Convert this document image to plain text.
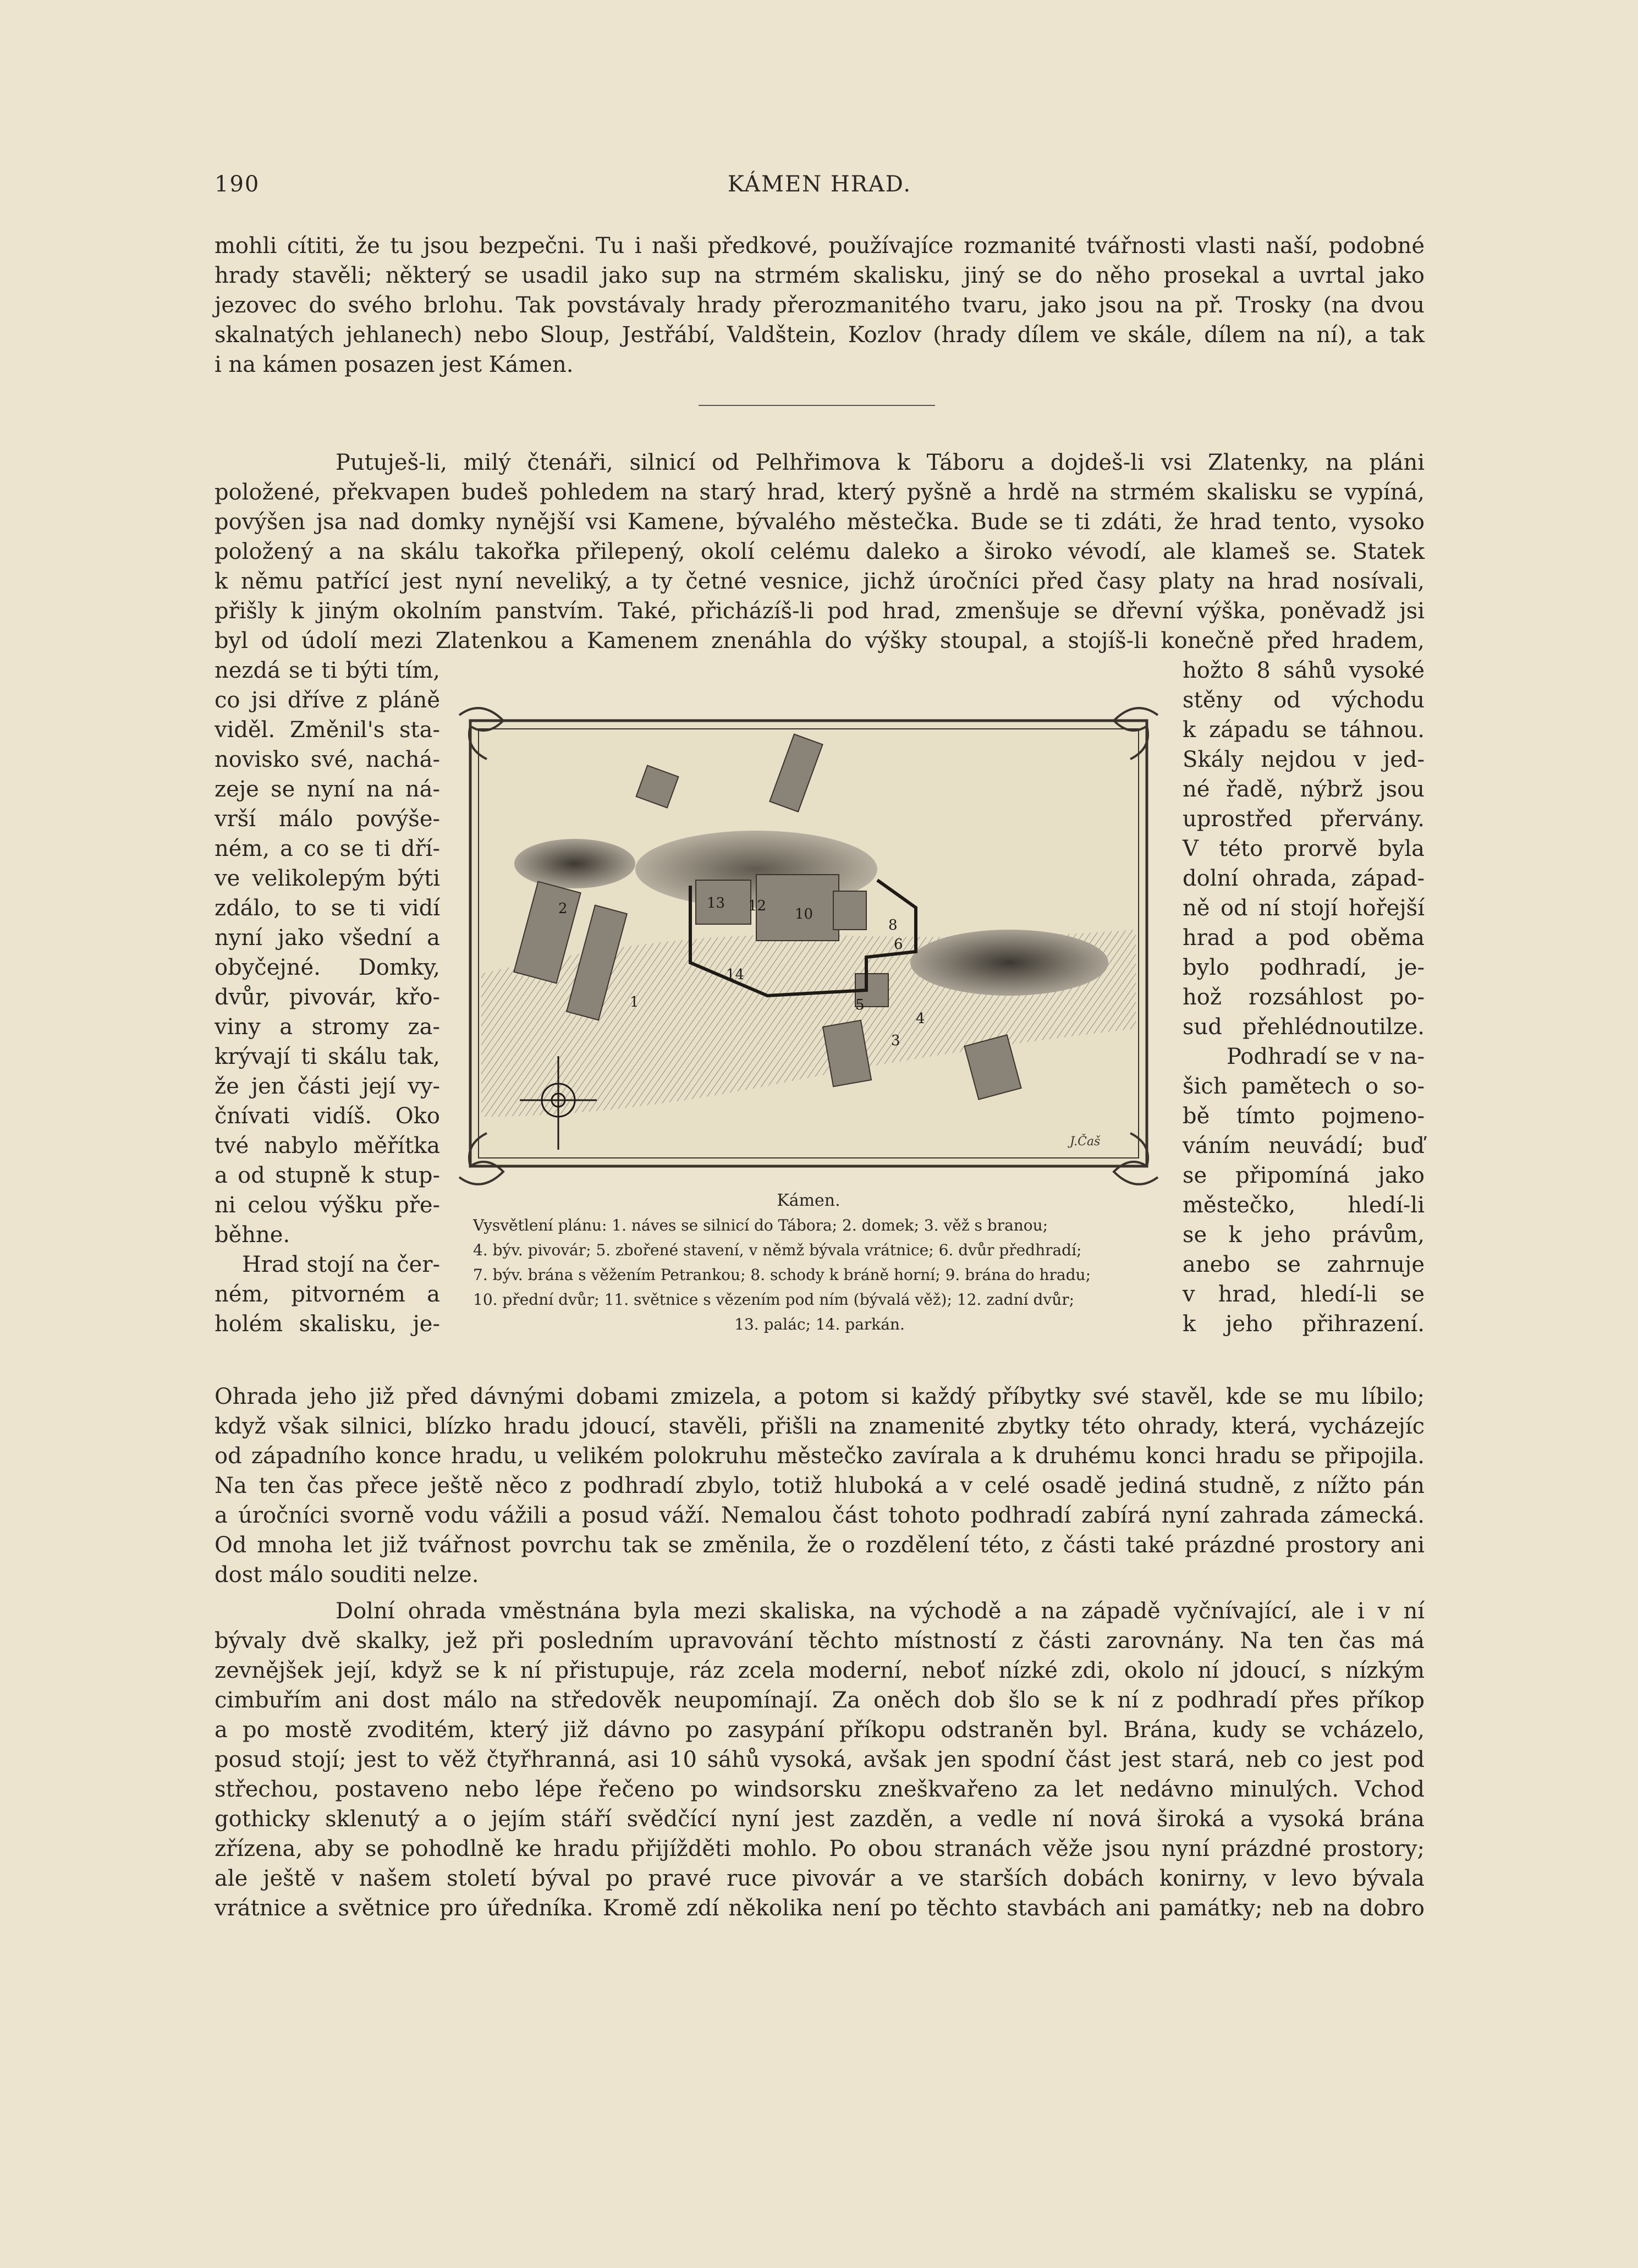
190	KÁMEN HRAD.
mohli cítiti, že tu jsou bezpečni. Tu i naši předkové, používajíce rozmanité tvářnosti vlasti naší, podobné
hrady stavěli; některý se usadil jako sup na strmém skalisku, jiný se do něho prosekal a uvrtal jako
jezovec do svého brlohu. Tak povstávaly hrady přerozmanitého tvaru, jako jsou na př. Trosky (na dvou
skalnatých jehlanech) nebo Sloup, Jestřábí, Valdštein, Kozlov (hrady dílem ve skále, dílem na ní), a tak
i na kámen posazen jest Kámen.
Putuješ-li, milý čtenáři, silnicí od Pelhřimova k Táboru a dojdeš-li vsi Zlatenky, na pláni
položené, překvapen budeš pohledem na starý hrad, který pyšně a hrdě na strmém skalisku se vypíná,
povýšen jsa nad domky nynější vsi Kamene, bývalého městečka. Bude se ti zdáti, že hrad tento, vysoko
položený a na skálu takořka přilepený, okolí celému daleko a široko vévodí, ale klameš se. Statek
k němu patřící jest nyní neveliký, a ty četné vesnice, jichž úročníci před časy platy na hrad nosívali,
přišly k jiným okolním panstvím. Také, přicházíš-li pod hrad, zmenšuje se dřevní výška, poněvadž jsi
byl od údolí mezi Zlatenkou a Kamenem znenáhla do výšky stoupal, a stojíš-li konečně před hradem,
nezdá se ti býti tím,
co jsi dříve z pláně
viděl. Změnil's sta-
novisko své, nachá-
zeje se nyní na ná-
vrší málo povýše-
ném, a co se ti dří-
ve velikolepým býti
zdálo, to se ti vidí
nyní jako všední a
obyčejné. Domky,
dvůr, pivovár, křo-
viny a stromy za-
krývají ti skálu tak,
že jen části její vy-
čnívati vidíš. Oko
tvé nabylo měřítka
a od stupně k stup-
ni celou výšku pře-
běhne.
Hrad stojí na čer-
ném, pitvorném a
holém skalisku, je-
hožto 8 sáhů vysoké
stěny od východu
k západu se táhnou.
Skály nejdou v jed-
né řadě, nýbrž jsou
uprostřed přervány.
V této prorvě byla
dolní ohrada, západ-
ně od ní stojí hořejší
hrad a pod oběma
bylo podhradí, je-
hož rozsáhlost po-
sud přehlédnoutilze.
Podhradí se v na-
šich pamětech o so-
bě tímto pojmeno-
váním neuvádí; buď
se připomíná jako
městečko, hledí-li
se k jeho právům,
anebo se zahrnuje
v hrad, hledí-li se
k jeho přihrazení.
13 12 10
8
6
5
4
3
14
2
1
J.Čaš
Kámen.
Vysvětlení plánu: 1. náves se silnicí do Tábora; 2. domek; 3. věž s branou;
4. býv. pivovár; 5. zbořené stavení, v němž bývala vrátnice; 6. dvůr předhradí;
7. býv. brána s věžením Petrankou; 8. schody k bráně horní; 9. brána do hradu;
10. přední dvůr; 11. světnice s vězením pod ním (bývalá věž); 12. zadní dvůr;
13. palác; 14. parkán.
Ohrada jeho již před dávnými dobami zmizela, a potom si každý příbytky své stavěl, kde se mu líbilo;
když však silnici, blízko hradu jdoucí, stavěli, přišli na znamenité zbytky této ohrady, která, vycházejíc
od západního konce hradu, u velikém polokruhu městečko zavírala a k druhému konci hradu se připojila.
Na ten čas přece ještě něco z podhradí zbylo, totiž hluboká a v celé osadě jediná studně, z nížto pán
a úročníci svorně vodu vážili a posud váží. Nemalou část tohoto podhradí zabírá nyní zahrada zámecká.
Od mnoha let již tvářnost povrchu tak se změnila, že o rozdělení této, z části také prázdné prostory ani
dost málo souditi nelze.
Dolní ohrada vměstnána byla mezi skaliska, na východě a na západě vyčnívající, ale i v ní
bývaly dvě skalky, jež při posledním upravování těchto místností z části zarovnány. Na ten čas má
zevnějšek její, když se k ní přistupuje, ráz zcela moderní, neboť nízké zdi, okolo ní jdoucí, s nízkým
cimbuřím ani dost málo na středověk neupomínají. Za oněch dob šlo se k ní z podhradí přes příkop
a po mostě zvoditém, který již dávno po zasypání příkopu odstraněn byl. Brána, kudy se vcházelo,
posud stojí; jest to věž čtyřhranná, asi 10 sáhů vysoká, avšak jen spodní část jest stará, neb co jest pod
střechou, postaveno nebo lépe řečeno po windsorsku zneškvařeno za let nedávno minulých. Vchod
gothicky sklenutý a o jejím stáří svědčící nyní jest zazděn, a vedle ní nová široká a vysoká brána
zřízena, aby se pohodlně ke hradu přijížděti mohlo. Po obou stranách věže jsou nyní prázdné prostory;
ale ještě v našem století býval po pravé ruce pivovár a ve starších dobách konirny, v levo bývala
vrátnice a světnice pro úředníka. Kromě zdí několika není po těchto stavbách ani památky; neb na dobro
